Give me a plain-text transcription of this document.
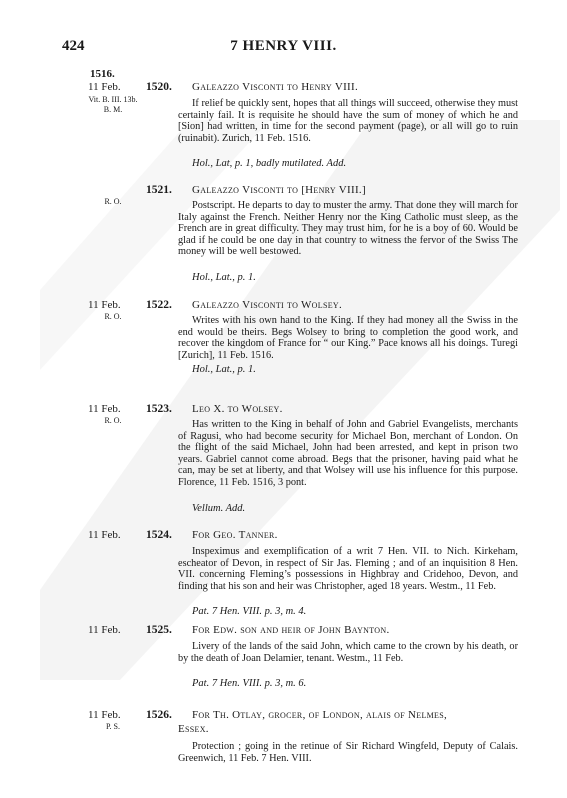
424	7 HENRY VIII.
1516.
11 Feb.
Vit. B. III. 13b.
B. M.
1520. Galeazzo Visconti to Henry VIII.
If relief be quickly sent, hopes that all things will succeed, otherwise they must certainly fail. It is requisite he should have the sum of money of which he and [Sion] had written, in time for the second payment (page), or all will go to ruin (ruinabit). Zurich, 11 Feb. 1516.
Hol., Lat, p. 1, badly mutilated. Add.
R. O.
1521. Galeazzo Visconti to [Henry VIII.]
Postscript. He departs to day to muster the army. That done they will march for Italy against the French. Neither Henry nor the King Catholic must sleep, as the French are in great difficulty. They may trust him, for he is a boy of 60. Would be glad if he could be one day in that country to witness the fervor of the Swiss The money will be well bestowed.
Hol., Lat., p. 1.
11 Feb.
R. O.
1522. Galeazzo Visconti to Wolsey.
Writes with his own hand to the King. If they had money all the Swiss in the end would be theirs. Begs Wolsey to bring to completion the good work, and recover the kingdom of France for “ our King.” Pace knows all his doings. Turegi [Zurich], 11 Feb. 1516.
Hol., Lat., p. 1.
11 Feb.
R. O.
1523. Leo X. to Wolsey.
Has written to the King in behalf of John and Gabriel Evangelists, merchants of Ragusi, who had become security for Michael Bon, merchant of London. On the flight of the said Michael, John had been arrested, and kept in prison two years. Gabriel cannot come abroad. Begs that the prisoner, having paid what he can, may be set at liberty, and that Wolsey will use his influence for this purpose. Florence, 11 Feb. 1516, 3 pont.
Vellum. Add.
11 Feb.	1524. For Geo. Tanner.
Inspeximus and exemplification of a writ 7 Hen. VII. to Nich. Kirkeham, escheator of Devon, in respect of Sir Jas. Fleming ; and of an inquisition 8 Hen. VII. concerning Fleming’s possessions in Highbray and Cridehoo, Devon, and finding that his son and heir was Christopher, aged 18 years. Westm., 11 Feb.
Pat. 7 Hen. VIII. p. 3, m. 4.
11 Feb.	1525. For Edw. son and heir of John Baynton.
Livery of the lands of the said John, which came to the crown by his death, or by the death of Joan Delamier, tenant. Westm., 11 Feb.
Pat. 7 Hen. VIII. p. 3, m. 6.
11 Feb.
P. S.
1526. For Th. Otlay, grocer, of London, alais of Nelmes,
Essex.
Protection ; going in the retinue of Sir Richard Wingfeld, Deputy of Calais. Greenwich, 11 Feb. 7 Hen. VIII.
